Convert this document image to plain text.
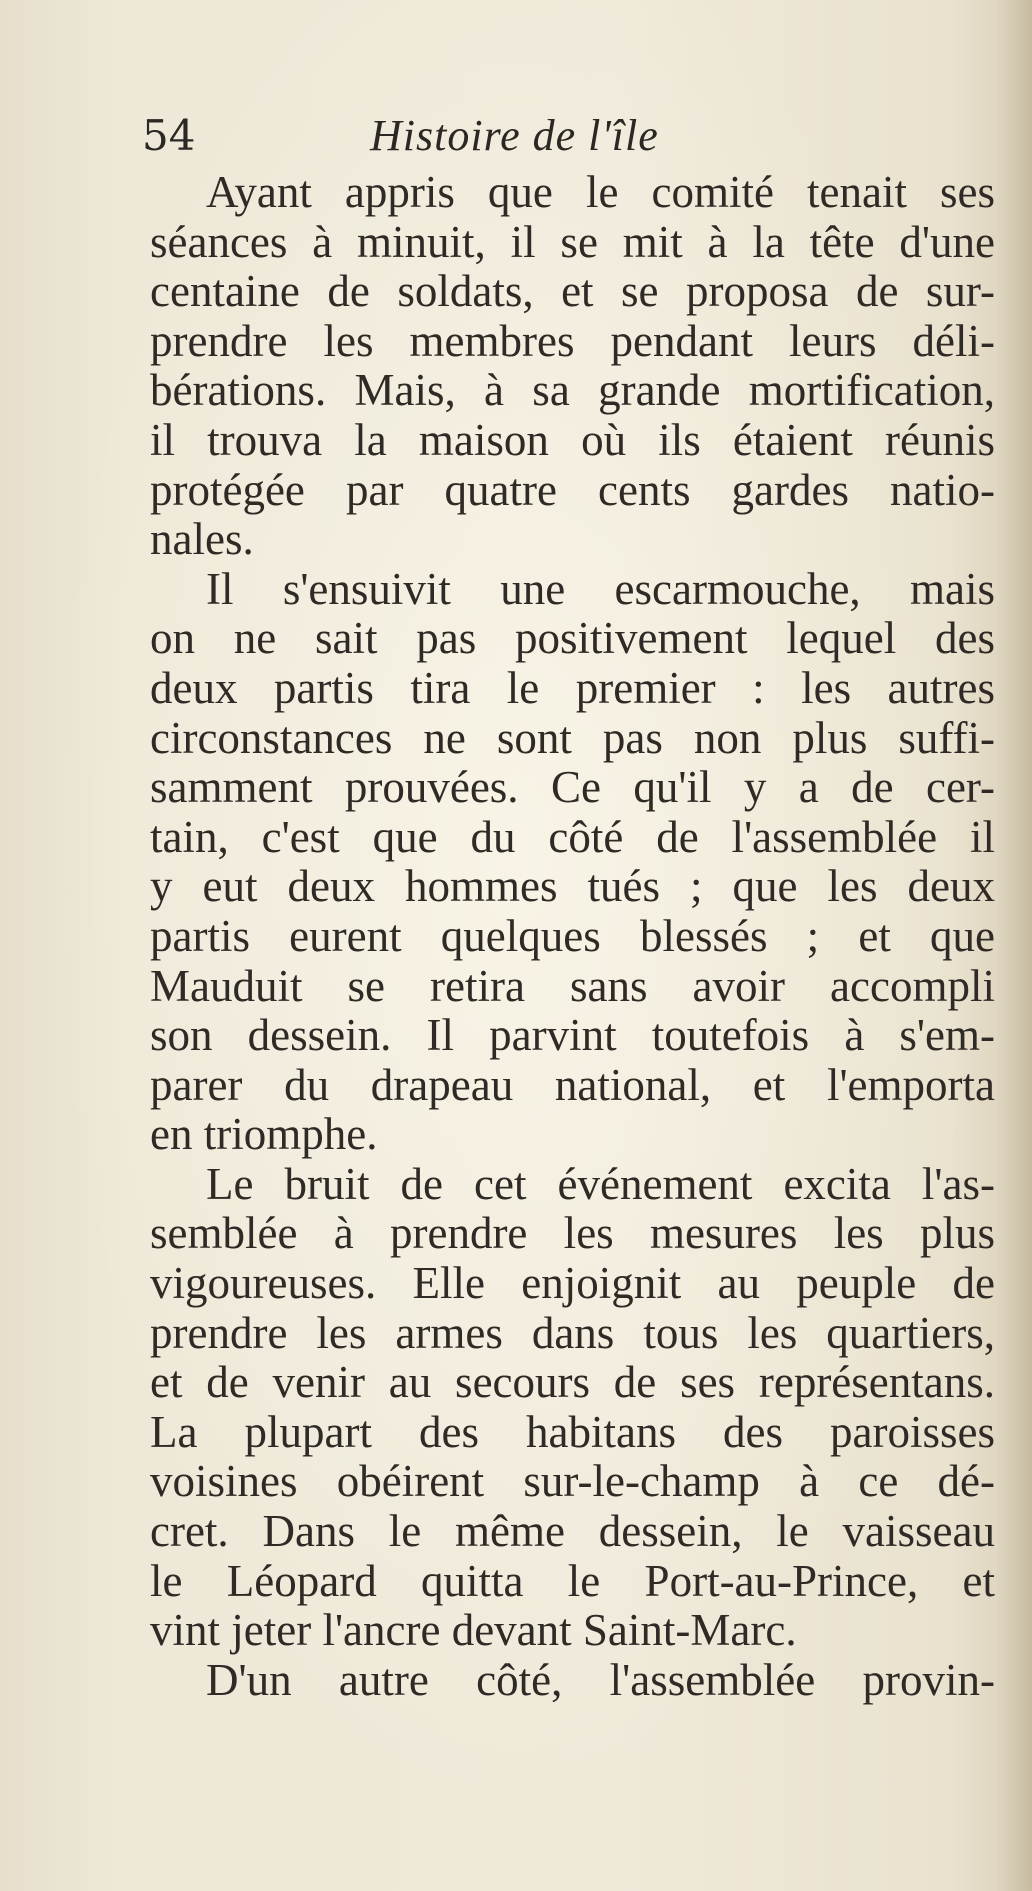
54	Histoire de l'île
Ayant appris que le comité tenait ses
séances à minuit, il se mit à la tête d'une
centaine de soldats, et se proposa de sur-
prendre les membres pendant leurs déli-
bérations. Mais, à sa grande mortification,
il trouva la maison où ils étaient réunis
protégée par quatre cents gardes natio-
nales.
Il s'ensuivit une escarmouche, mais
on ne sait pas positivement lequel des
deux partis tira le premier : les autres
circonstances ne sont pas non plus suffi-
samment prouvées. Ce qu'il y a de cer-
tain, c'est que du côté de l'assemblée il
y eut deux hommes tués ; que les deux
partis eurent quelques blessés ; et que
Mauduit se retira sans avoir accompli
son dessein. Il parvint toutefois à s'em-
parer du drapeau national, et l'emporta
en triomphe.
Le bruit de cet événement excita l'as-
semblée à prendre les mesures les plus
vigoureuses. Elle enjoignit au peuple de
prendre les armes dans tous les quartiers,
et de venir au secours de ses représentans.
La plupart des habitans des paroisses
voisines obéirent sur-le-champ à ce dé-
cret. Dans le même dessein, le vaisseau
le Léopard quitta le Port-au-Prince, et
vint jeter l'ancre devant Saint-Marc.
D'un autre côté, l'assemblée provin-
